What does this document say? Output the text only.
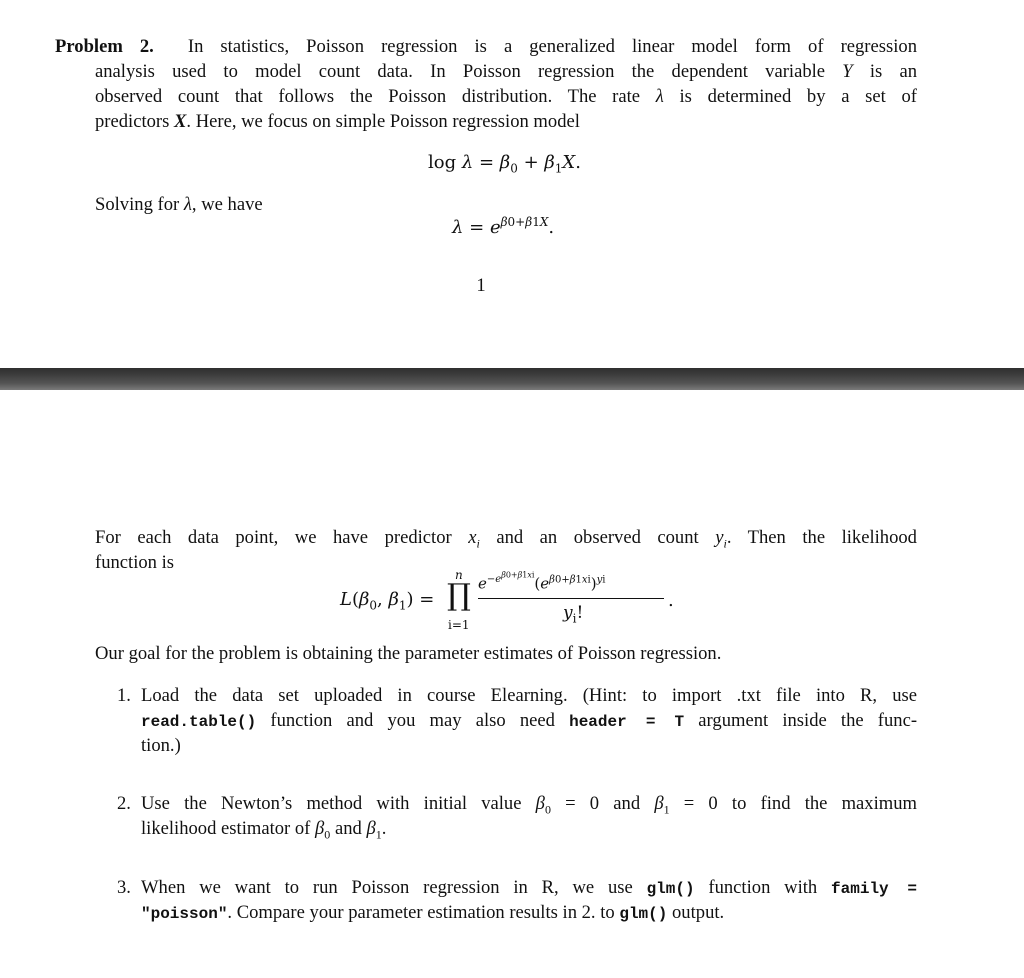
Problem 2.  In statistics, Poisson regression is a generalized linear model form of regression
analysis used to model count data. In Poisson regression the dependent variable Y is an
observed count that follows the Poisson distribution. The rate λ is determined by a set of
predictors X. Here, we focus on simple Poisson regression model
$\log \lambda = \beta_0 + \beta_1X$.
Solving for λ, we have
$\lambda = e^{\beta 0+\beta 1X}$.
1
For each data point, we have predictor $x_i$ and an observed count $y_i$. Then the likelihood
function is
$L(\beta_0$, $\beta_1$) =
n
∏
i=1
$e^{-e^{\beta 0+\beta 1xi}}(e^{\beta 0+\beta 1xi})^{yi}$
$y_i$!
.
Our goal for the problem is obtaining the parameter estimates of Poisson regression.
1. Load the data set uploaded in course Elearning. (Hint: to import .txt file into R, use
read.table() function and you may also need header = T argument inside the func-
tion.)
2. Use the Newton’s method with initial value $\beta_0 = 0$ and $\beta_1 = 0$ to find the maximum
likelihood estimator of $\beta_0$ and $\beta_1$.
3. When we want to run Poisson regression in R, we use glm() function with family =
"poisson". Compare your parameter estimation results in 2. to glm() output.
